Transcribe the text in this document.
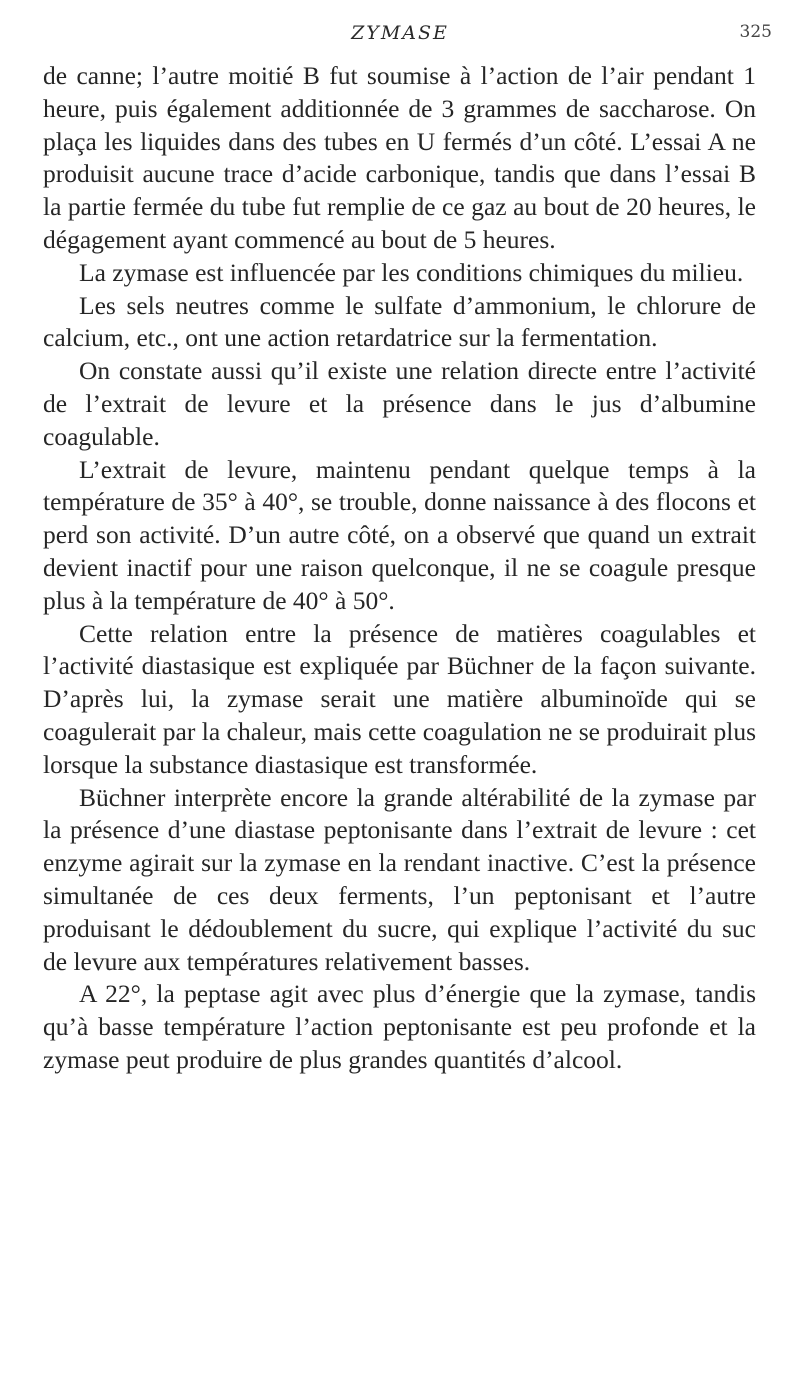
ZYMASE	325

de canne; l’autre moitié B fut soumise à l’action de l’air pendant 1 heure, puis également additionnée de 3 grammes de saccharose. On plaça les liquides dans des tubes en U fermés d’un côté. L’essai A ne produisit aucune trace d’acide carbonique, tandis que dans l’essai B la partie fermée du tube fut remplie de ce gaz au bout de 20 heures, le dégagement ayant commencé au bout de 5 heures.

La zymase est influencée par les conditions chimiques du milieu.

Les sels neutres comme le sulfate d’ammonium, le chlorure de calcium, etc., ont une action retardatrice sur la fermentation.

On constate aussi qu’il existe une relation directe entre l’activité de l’extrait de levure et la présence dans le jus d’albumine coagulable.

L’extrait de levure, maintenu pendant quelque temps à la température de 35° à 40°, se trouble, donne naissance à des flocons et perd son activité. D’un autre côté, on a observé que quand un extrait devient inactif pour une raison quelconque, il ne se coagule presque plus à la température de 40° à 50°.

Cette relation entre la présence de matières coagulables et l’activité diastasique est expliquée par Büchner de la façon suivante. D’après lui, la zymase serait une matière albuminoïde qui se coagulerait par la chaleur, mais cette coagulation ne se produirait plus lorsque la substance diastasique est transformée.

Büchner interprète encore la grande altérabilité de la zymase par la présence d’une diastase peptonisante dans l’extrait de levure : cet enzyme agirait sur la zymase en la rendant inactive. C’est la présence simultanée de ces deux ferments, l’un peptonisant et l’autre produisant le dédoublement du sucre, qui explique l’activité du suc de levure aux températures relativement basses.

A 22°, la peptase agit avec plus d’énergie que la zymase, tandis qu’à basse température l’action peptonisante est peu profonde et la zymase peut produire de plus grandes quantités d’alcool.
